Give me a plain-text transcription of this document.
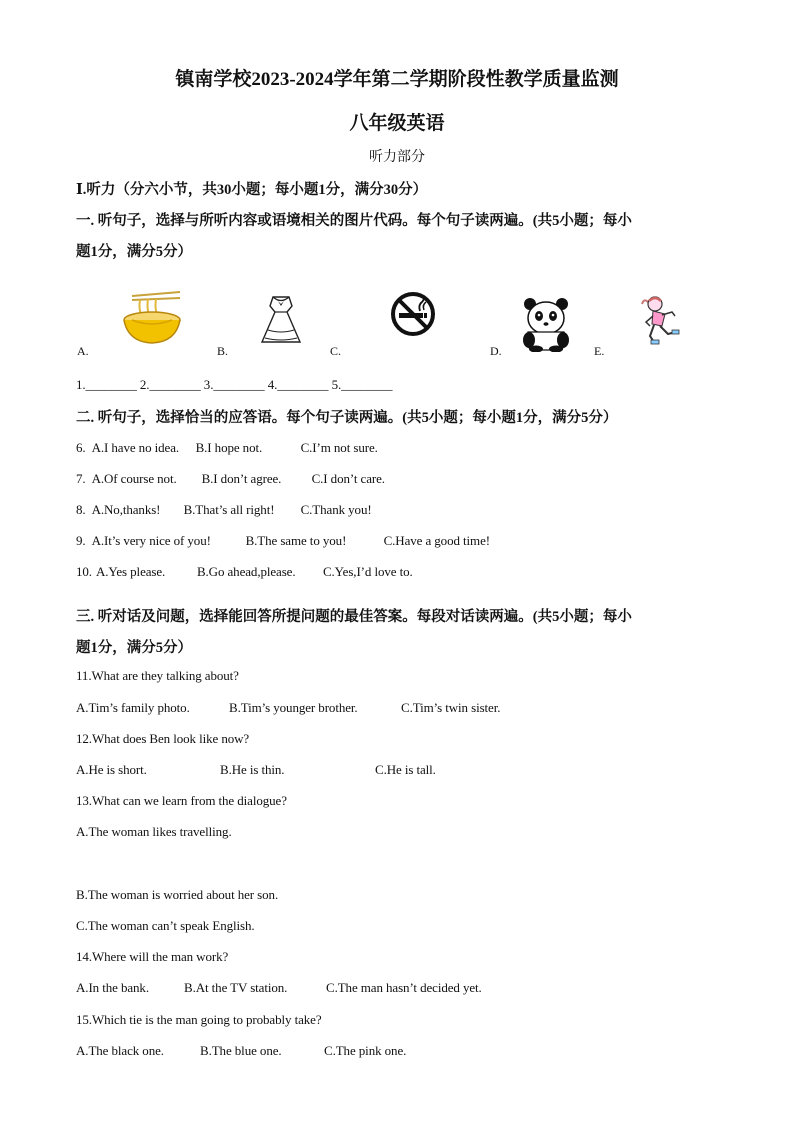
镇南学校2023-2024学年第二学期阶段性教学质量监测
八年级英语
听力部分
Ⅰ.听力（分六小节，共30小题；每小题1分，满分30分）
一. 听句子，选择与所听内容或语境相关的图片代码。每个句子读两遍。(共5小题；每小
题1分，满分5分）
A.	B.	C.	D.	E.
1.________ 2.________ 3.________ 4.________ 5.________
二. 听句子，选择恰当的应答语。每个句子读两遍。(共5小题；每小题1分，满分5分）
6. A.I have no idea. B.I hope not.	C.I’m not sure.
7. A.Of course not. B.I don’t agree. C.I don’t care.
8. A.No,thanks! B.That’s all right! C.Thank you!
9. A.It’s very nice of you!	B.The same to you!	C.Have a good time!
10. A.Yes please. B.Go ahead,please. C.Yes,I’d love to.
三. 听对话及问题，选择能回答所提问题的最佳答案。每段对话读两遍。(共5小题；每小
题1分，满分5分）
11.What are they talking about?
A.Tim’s family photo.	B.Tim’s younger brother.	C.Tim’s twin sister.
12.What does Ben look like now?
A.He is short.	B.He is thin.	C.He is tall.
13.What can we learn from the dialogue?
A.The woman likes travelling.
B.The woman is worried about her son.
C.The woman can’t speak English.
14.Where will the man work?
A.In the bank.	B.At the TV station.	C.The man hasn’t decided yet.
15.Which tie is the man going to probably take?
A.The black one.	B.The blue one.	C.The pink one.
